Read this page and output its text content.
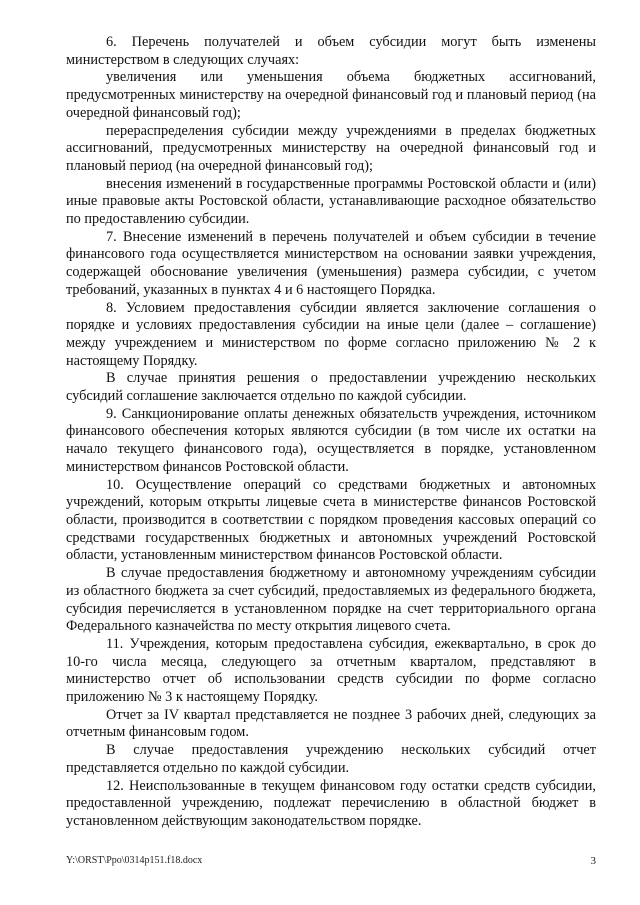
6. Перечень получателей и объем субсидии могут быть изменены министерством в следующих случаях:

увеличения или уменьшения объема бюджетных ассигнований, предусмотренных министерству на очередной финансовый год и плановый период (на очередной финансовый год);

перераспределения субсидии между учреждениями в пределах бюджетных ассигнований, предусмотренных министерству на очередной финансовый год и плановый период (на очередной финансовый год);

внесения изменений в государственные программы Ростовской области и (или) иные правовые акты Ростовской области, устанавливающие расходное обязательство по предоставлению субсидии.

7. Внесение изменений в перечень получателей и объем субсидии в течение финансового года осуществляется министерством на основании заявки учреждения, содержащей обоснование увеличения (уменьшения) размера субсидии, с учетом требований, указанных в пунктах 4 и 6 настоящего Порядка.

8. Условием предоставления субсидии является заключение соглашения о порядке и условиях предоставления субсидии на иные цели (далее – соглашение) между учреждением и министерством по форме согласно приложению № 2 к настоящему Порядку.

В случае принятия решения о предоставлении учреждению нескольких субсидий соглашение заключается отдельно по каждой субсидии.

9. Санкционирование оплаты денежных обязательств учреждения, источником финансового обеспечения которых являются субсидии (в том числе их остатки на начало текущего финансового года), осуществляется в порядке, установленном министерством финансов Ростовской области.

10. Осуществление операций со средствами бюджетных и автономных учреждений, которым открыты лицевые счета в министерстве финансов Ростовской области, производится в соответствии с порядком проведения кассовых операций со средствами государственных бюджетных и автономных учреждений Ростовской области, установленным министерством финансов Ростовской области.

В случае предоставления бюджетному и автономному учреждениям субсидии из областного бюджета за счет субсидий, предоставляемых из федерального бюджета, субсидия перечисляется в установленном порядке на счет территориального органа Федерального казначейства по месту открытия лицевого счета.

11. Учреждения, которым предоставлена субсидия, ежеквартально, в срок до 10-го числа месяца, следующего за отчетным кварталом, представляют в министерство отчет об использовании средств субсидии по форме согласно приложению № 3 к настоящему Порядку.

Отчет за IV квартал представляется не позднее 3 рабочих дней, следующих за отчетным финансовым годом.

В случае предоставления учреждению нескольких субсидий отчет представляется отдельно по каждой субсидии.

12. Неиспользованные в текущем финансовом году остатки средств субсидии, предоставленной учреждению, подлежат перечислению в областной бюджет в установленном действующим законодательством порядке.

Y:\ORST\Ppo\0314p151.f18.docx	3
